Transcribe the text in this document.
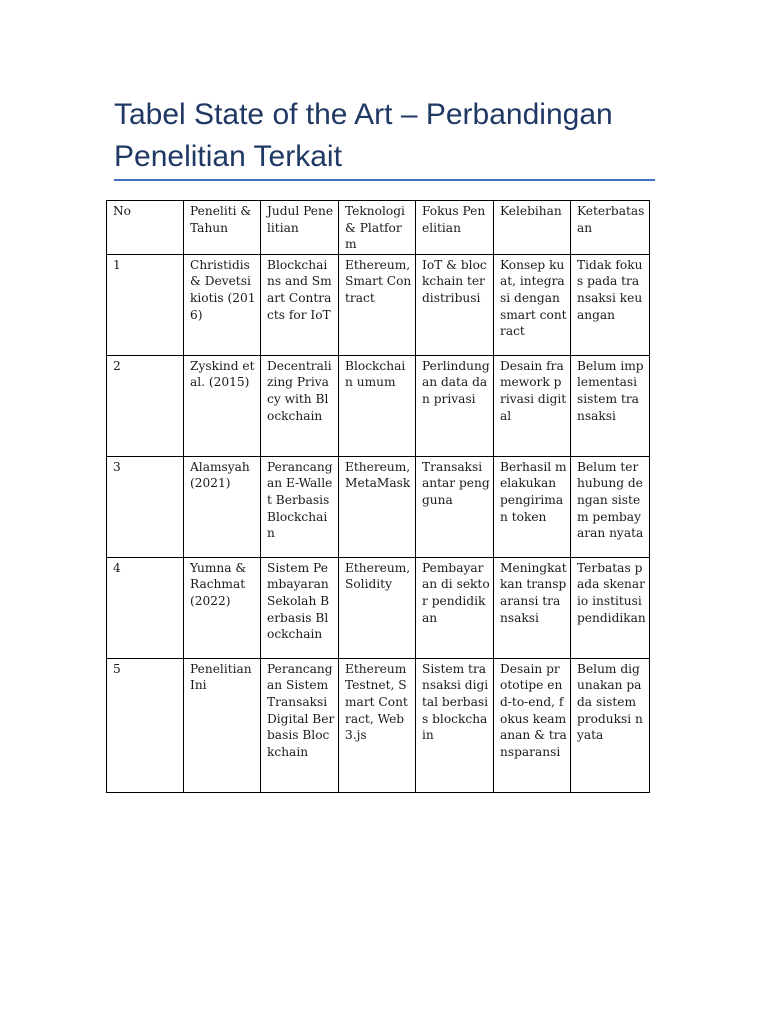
Tabel State of the Art – Perbandingan Penelitian Terkait
No	Peneliti & Tahun	Judul Penelitian	Teknologi & Platform	Fokus Penelitian	Kelebihan	Keterbatasan
1	Christidis & Devetsikiotis (2016)	Blockchains and Smart Contracts for IoT	Ethereum, Smart Contract	IoT & blockchain terdistribusi	Konsep kuat, integrasi dengan smart contract	Tidak fokus pada transaksi keuangan
2	Zyskind et al. (2015)	Decentralizing Privacy with Blockchain	Blockchain umum	Perlindungan data dan privasi	Desain framework privasi digital	Belum implementasi sistem transaksi
3	Alamsyah (2021)	Perancangan E-Wallet Berbasis Blockchain	Ethereum, MetaMask	Transaksi antar pengguna	Berhasil melakukan pengiriman token	Belum terhubung dengan sistem pembayaran nyata
4	Yumna & Rachmat (2022)	Sistem Pembayaran Sekolah Berbasis Blockchain	Ethereum, Solidity	Pembayaran di sektor pendidikan	Meningkatkan transparansi transaksi	Terbatas pada skenario institusi pendidikan
5	Penelitian Ini	Perancangan Sistem Transaksi Digital Berbasis Blockchain	Ethereum Testnet, Smart Contract, Web3.js	Sistem transaksi digital berbasis blockchain	Desain prototipe end-to-end, fokus keamanan & transparansi	Belum digunakan pada sistem produksi nyata
